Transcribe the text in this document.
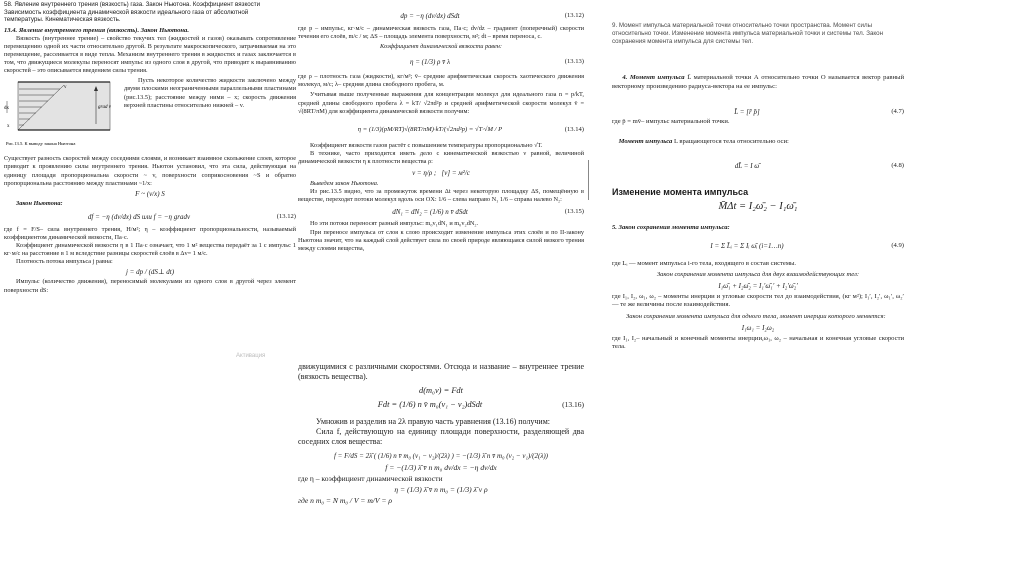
58. Явление внутреннего трения (вязкость) газа. Закон Ньютона. Коэффициент вязкости
Зависимость коэффициента динамической вязкости идеального газа от абсолютной
температуры. Кинематическая вязкость.

13.4. Явление внутреннего трения (вязкость). Закон Ньютона.

Вязкость (внутреннее трение) – свойство текучих тел (жидкостей и газов) оказывать сопротивление перемещению одной их части относительно другой. В результате макроскопического, затрачиваемая на это перемещение, рассеивается в виде тепла. Механизм внутреннего трения в жидкостях и газах заключается в том, что движущиеся молекулы переносят импульс из одного слоя в другой, что приводит к выравниванию скоростей – это описывается введением силы трения.

grad v
v
dx
x
Рис.13.5. К выводу закона Ньютона

Пусть некоторое количество жидкости заключено между двумя плоскими неограниченными параллельными пластинами (рис.13.5); расстояние между ними – x; скорость движения верхней пластины относительно нижней – v.

Существует разность скоростей между соседними слоями, и возникает взаимное скольжение слоев, которое приводит к проявлению силы внутреннего трения. Ньютон установил, что эта сила, действующая на единицу площади пропорциональна скорости ~ v, поверхности соприкосновения ~S и обратно пропорциональна расстоянию между пластинами ~1/x:

F ~ (v/x) S

Закон Ньютона:

df = −η (dv/dx) dS или f = −η gradv	(13.12)

где f = F/S– сила внутреннего трения, Н/м²; η – коэффициент пропорциональности, называемый коэффициентом динамической вязкости, Па·с.

Коэффициент динамической вязкости η в 1 Па·с означает, что 1 м² вещества передаёт за 1 с импульс 1 кг·м/с на расстояние в 1 м вследствие разницы скоростей слоёв в Δv= 1 м/с.

Плотность потока импульса j равна:

j = dp / (dS⊥ dt)

Импульс (количество движения), переносимый молекулами из одного слоя в другой через элемент поверхности dS:

Активация

dp = −η (dv/dx) dSdt	(13.12)

где p – импульс, кг·м/с – динамическая вязкость газа, Па·с; dv/dz – градиент (поперечный) скорости течения его слоёв, m/c / м; ΔS – площадь элемента поверхности, м²; dt – время переноса, с.

Коэффициент динамической вязкости равен:

η = (1/3) ρ v̄ λ	(13.13)

где ρ – плотность газа (жидкости), кг/м³; v̄– средние арифметическая скорость хаотического движения молекул, м/с; λ– средняя длина свободного пробега, м.

Учитывая выше полученные выражения для концентрации молекул для идеального газа n = p/kT, средней длины свободного пробега λ = kT/ √2πd²p и средней арифметической скорости молекул v̄ = √(8RT/πM) для коэффициента динамической вязкости получим:

η = (1/3)(pM/RT)√(8RT/πM)·kT/(√2πd²p) = √T·√M / P	(13.14)

Коэффициент вязкости газов растёт с повышением температуры пропорционально √T.

В технике, часто приходится иметь дело с кинематической вязкостью ν равной, величиной динамической вязкости η к плотности вещества ρ:

ν = η/ρ ;   [ν] = м²/с

Выведем закон Ньютона.

Из рис.13.5 видно, что за промежуток времени Δt через некоторую площадку ΔS, помещённую в веществе, переходят потоки молекул вдоль оси OX: 1/6 – слева направо N₁ 1/6 – справа налево N₂:

dN₁ = dN₂ = (1/6) n v̄ dSdt	(13.15)

Но эти потоки переносят разный импульс: m₀v₁dN₁ и m₀v₂dN₂.

При переносе импульса от слоя к слою происходит изменение импульса этих слоёв и по II-закону Ньютона значит, что на каждый слой действует сила по своей природе являющаяся силой вязкого трения между слоями вещества,

движущимися с различными скоростями. Отсюда и название – внутреннее трение (вязкость вещества).

d(m₀v) = Fdt

Fdt = (1/6) n v̄ m₀(v₁ − v₂)dSdt	(13.16)

Умножив и разделив на 2λ правую часть уравнения (13.16) получим:

Сила f, действующую на единицу площади поверхности, разделяющей два соседних слоя вещества:

f = F/dS = 2λ̄ ( (1/6) n v̄ m₀ (v₁ − v₂)/(2λ) ) = −(1/3) λ̄ n v̄ m₀ (v₂ − v₁)/(2(λ))

f = −(1/3) λ̄ v̄ n m₀ dv/dx = −η dv/dx

где η – коэффициент динамической вязкости

η = (1/3) λ̄ v̄ n m₀ = (1/3) λ̄ v ρ

где n m₀ = N m₀ / V = m/V = ρ

9. Момент импульса материальной точки относительно точки пространства. Момент силы относительно точки. Изменение момента импульса материальной точки и системы тел. Закон сохранения момента импульса для системы тел.

4. Момент импульса L̄ материальной точки А относительно точки О называется вектор равный векторному произведению радиуса-вектора на ее импульс:

L̄ = [r̄ p̄]	(4.7)

где p̄ = mv̄– импульс материальной точки.

Момент импульса L вращающегося тела относительно оси:

dL̄ = I ω̄	(4.8)

Изменение момента импульса

M̄Δt = I₂ω̄₂ − I₁ω̄₁

5. Закон сохранения момента импульса:

I = Σ L̄ᵢ = Σ Iᵢ ω̄ᵢ (i=1…n)	(4.9)

где Lᵢ — момент импульса i-го тела, входящего в состав системы.

Закон сохранения момента импульса для двух взаимодействующих тел:

I₁ω̄₁ + I₂ω̄₂ = I₁′ω̄₁′ + I₂′ω̄₂′

где I₁, I₂, ω₁, ω₂ – моменты инерции и угловые скорости тел до взаимодействия, (кг м²); I₁′, I₂′, ω₁′, ω₂′ — те же величины после взаимодействия.

Закон сохранения момента импульса для одного тела, момент инерции которого меняется:

I₁ω₁ = I₂ω₂

где I₁, I₂– начальный и конечный моменты инерции,ω₁, ω₂ – начальная и конечная угловые скорости тела.
